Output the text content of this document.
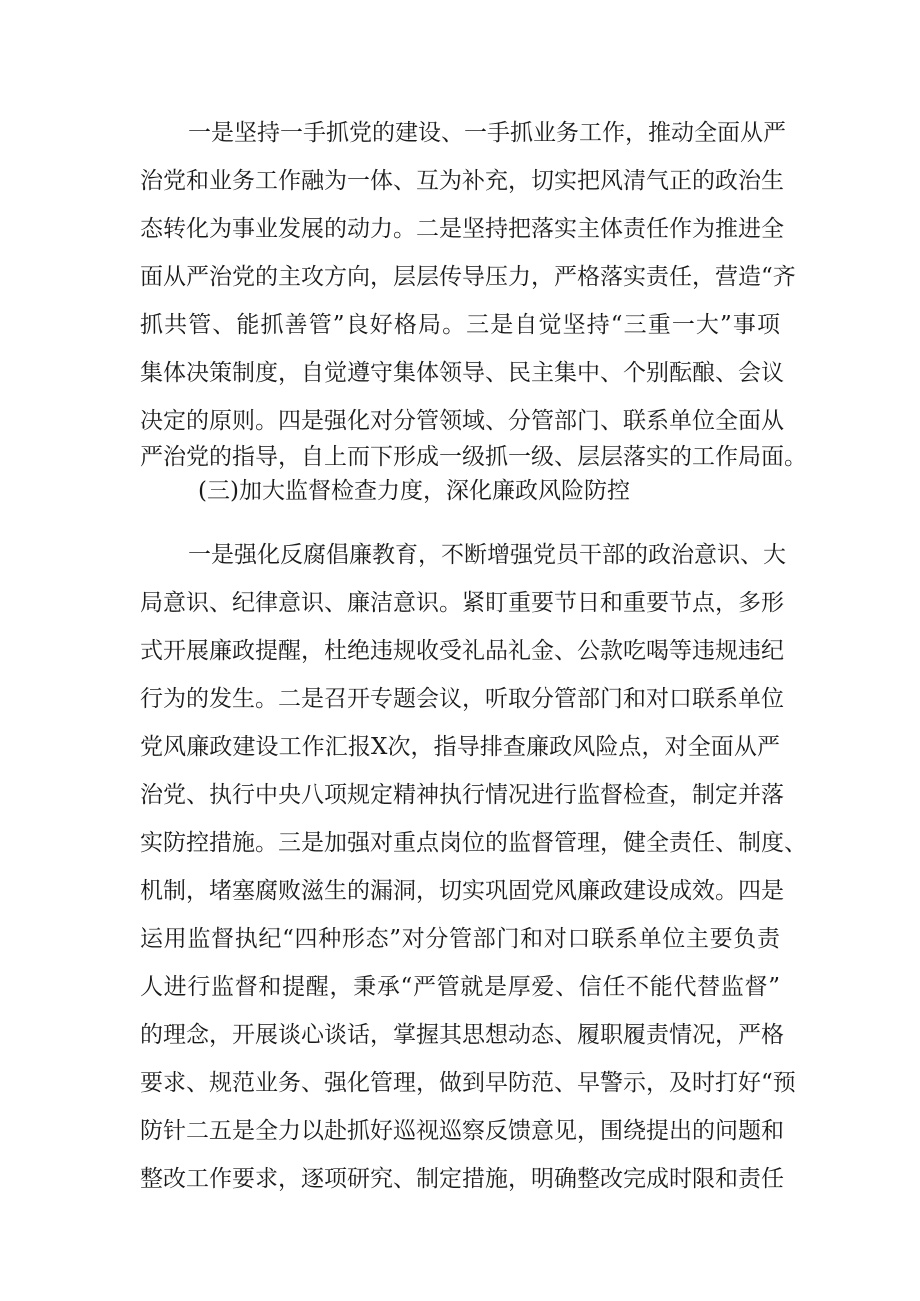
一是坚持一手抓党的建设、一手抓业务工作，推动全面从严
治党和业务工作融为一体、互为补充，切实把风清气正的政治生
态转化为事业发展的动力。二是坚持把落实主体责任作为推进全
面从严治党的主攻方向，层层传导压力，严格落实责任，营造“齐
抓共管、能抓善管”良好格局。三是自觉坚持“三重一大”事项
集体决策制度，自觉遵守集体领导、民主集中、个别酝酿、会议
决定的原则。四是强化对分管领域、分管部门、联系单位全面从
严治党的指导，自上而下形成一级抓一级、层层落实的工作局面。
(三)加大监督检查力度，深化廉政风险防控
一是强化反腐倡廉教育，不断增强党员干部的政治意识、大
局意识、纪律意识、廉洁意识。紧盯重要节日和重要节点，多形
式开展廉政提醒，杜绝违规收受礼品礼金、公款吃喝等违规违纪
行为的发生。二是召开专题会议，听取分管部门和对口联系单位
党风廉政建设工作汇报X次，指导排查廉政风险点，对全面从严
治党、执行中央八项规定精神执行情况进行监督检查，制定并落
实防控措施。三是加强对重点岗位的监督管理，健全责任、制度、
机制，堵塞腐败滋生的漏洞，切实巩固党风廉政建设成效。四是
运用监督执纪“四种形态”对分管部门和对口联系单位主要负责
人进行监督和提醒，秉承“严管就是厚爱、信任不能代替监督”
的理念，开展谈心谈话，掌握其思想动态、履职履责情况，严格
要求、规范业务、强化管理，做到早防范、早警示，及时打好“预
防针二五是全力以赴抓好巡视巡察反馈意见，围绕提出的问题和
整改工作要求，逐项研究、制定措施，明确整改完成时限和责任
